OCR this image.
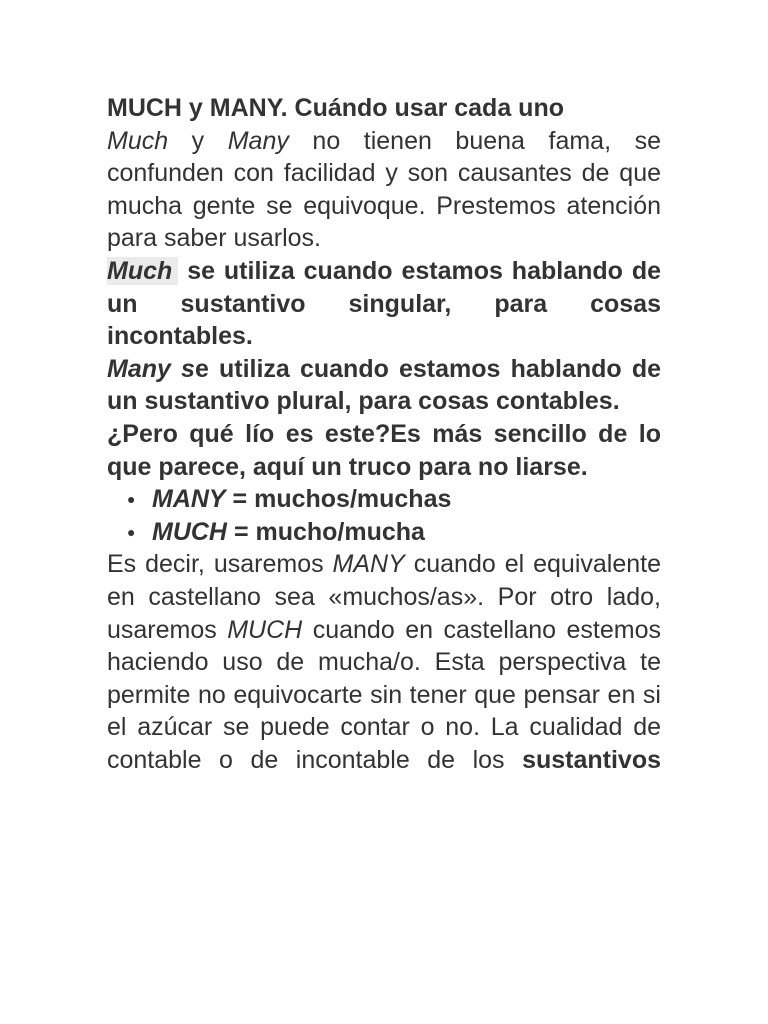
MUCH y MANY. Cuándo usar cada uno

Much y Many no tienen buena fama, se confunden con facilidad y son causantes de que mucha gente se equivoque. Prestemos atención para saber usarlos.

Much se utiliza cuando estamos hablando de un sustantivo singular, para cosas incontables.

Many se utiliza cuando estamos hablando de un sustantivo plural, para cosas contables.

¿Pero qué lío es este?Es más sencillo de lo que parece, aquí un truco para no liarse.

● MANY = muchos/muchas
● MUCH = mucho/mucha

Es decir, usaremos MANY cuando el equivalente en castellano sea «muchos/as». Por otro lado, usaremos MUCH cuando en castellano estemos haciendo uso de mucha/o. Esta perspectiva te permite no equivocarte sin tener que pensar en si el azúcar se puede contar o no. La cualidad de contable o de incontable de los sustantivos
